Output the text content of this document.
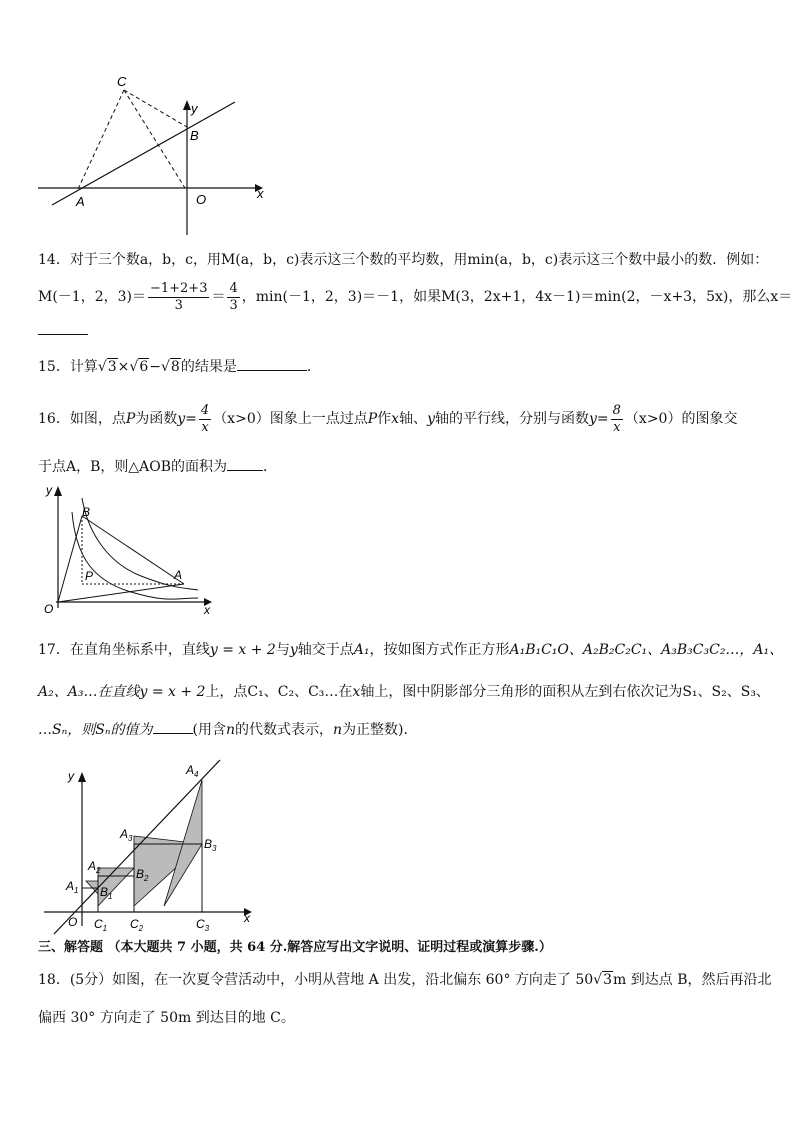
C
y
B
A	O	x
14．对于三个数a，b，c，用M(a，b，c)表示这三个数的平均数，用min(a，b，c)表示这三个数中最小的数．例如：
M(－1，2，$3)= \frac{-1+2+3}{3} = \frac{4}{3}$ ，min(－1，2，3)＝－1，如果M(3，2x+1，4x－1)＝min(2，－x+3，5x)，那么x＝
15．计算√3×√6−√8的结果是	．
16．如图，点 P 为函数 $y = \frac{4}{x} (x>0)$图象上一点过点 P 作 x 轴、 y 轴的平行线，分别与函数 $y = \frac{8}{x} (x>0)$的图象交
于点A，B，则△AOB的面积为	．
y
B
P	A
O	x
17．在直角坐标系中，直线y = x + 2与y轴交于点A₁，按如图方式作正方形A₁B₁C₁O、A₂B₂C₂C₁、A₃B₃C₃C₂…，A₁、
A₂、A₃…在直线y = x + 2上，点C₁、C₂、C₃…在x轴上，图中阴影部分三角形的面积从左到右依次记为S₁、S₂、S₃、
…Sₙ，则Sₙ的值为	(用含n的代数式表示，n为正整数)．
y	$A_4$
$A_3$	$B_3$
$A_2$	$B_2$
$A_1$ $B_1$
O $C_1$ $C_2$	$C_3$
x
三、解答题 （本大题共 7 小题，共 64 分.解答应写出文字说明、证明过程或演算步骤.）
18．(5分）如图，在一次夏令营活动中，小明从营地 A 出发，沿北偏东 60° 方向走了 50√3m 到达点 B，然后再沿北
偏西 30° 方向走了 50m 到达目的地 C。
